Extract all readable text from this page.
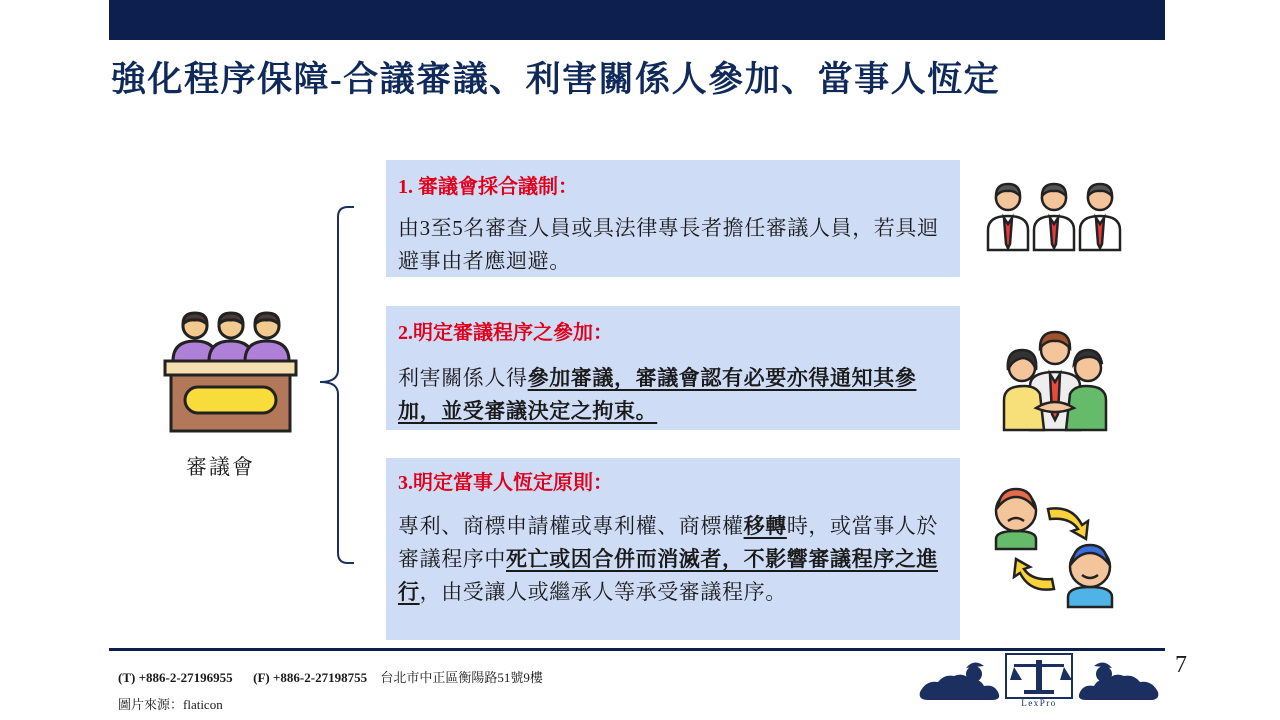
強化程序保障-合議審議、利害關係人參加、當事人恆定
審議會
1. 審議會採合議制：
由3至5名審查人員或具法律專長者擔任審議人員，若具迴避事由者應迴避。
2.明定審議程序之參加：
利害關係人得參加審議，審議會認有必要亦得通知其參加，並受審議決定之拘束。
3.明定當事人恆定原則：
專利、商標申請權或專利權、商標權移轉時，或當事人於審議程序中死亡或因合併而消滅者，不影響審議程序之進行，由受讓人或繼承人等承受審議程序。
(T) +886-2-27196955 (F) +886-2-27198755 台北市中正區衡陽路51號9樓
圖片來源：flaticon	LexPro
7
